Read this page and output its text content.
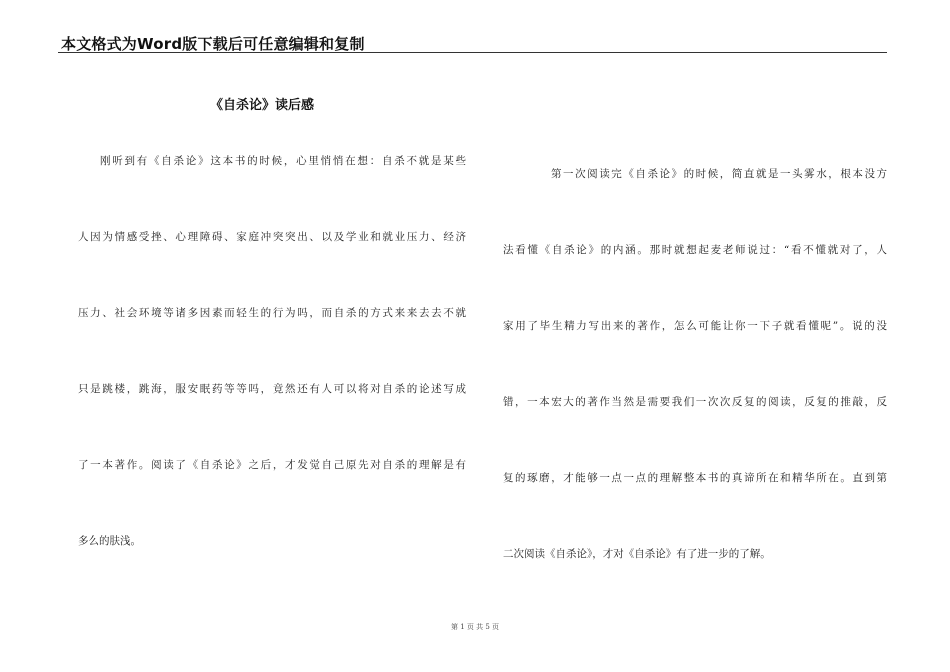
本文格式为Word版下载后可任意编辑和复制
《自杀论》读后感
刚听到有《自杀论》这本书的时候，心里悄悄在想：自杀不就是某些
人因为情感受挫、心理障碍、家庭冲突突出、以及学业和就业压力、经济
压力、社会环境等诸多因素而轻生的行为吗，而自杀的方式来来去去不就
只是跳楼，跳海，服安眠药等等吗，竟然还有人可以将对自杀的论述写成
了一本著作。阅读了《自杀论》之后，才发觉自己原先对自杀的理解是有
多么的肤浅。
第一次阅读完《自杀论》的时候，简直就是一头雾水，根本没方
法看懂《自杀论》的内涵。那时就想起麦老师说过：“看不懂就对了，人
家用了毕生精力写出来的著作，怎么可能让你一下子就看懂呢”。说的没
错，一本宏大的著作当然是需要我们一次次反复的阅读，反复的推敲，反
复的琢磨，才能够一点一点的理解整本书的真谛所在和精华所在。直到第
二次阅读《自杀论》，才对《自杀论》有了进一步的了解。
第 1 页 共 5 页
